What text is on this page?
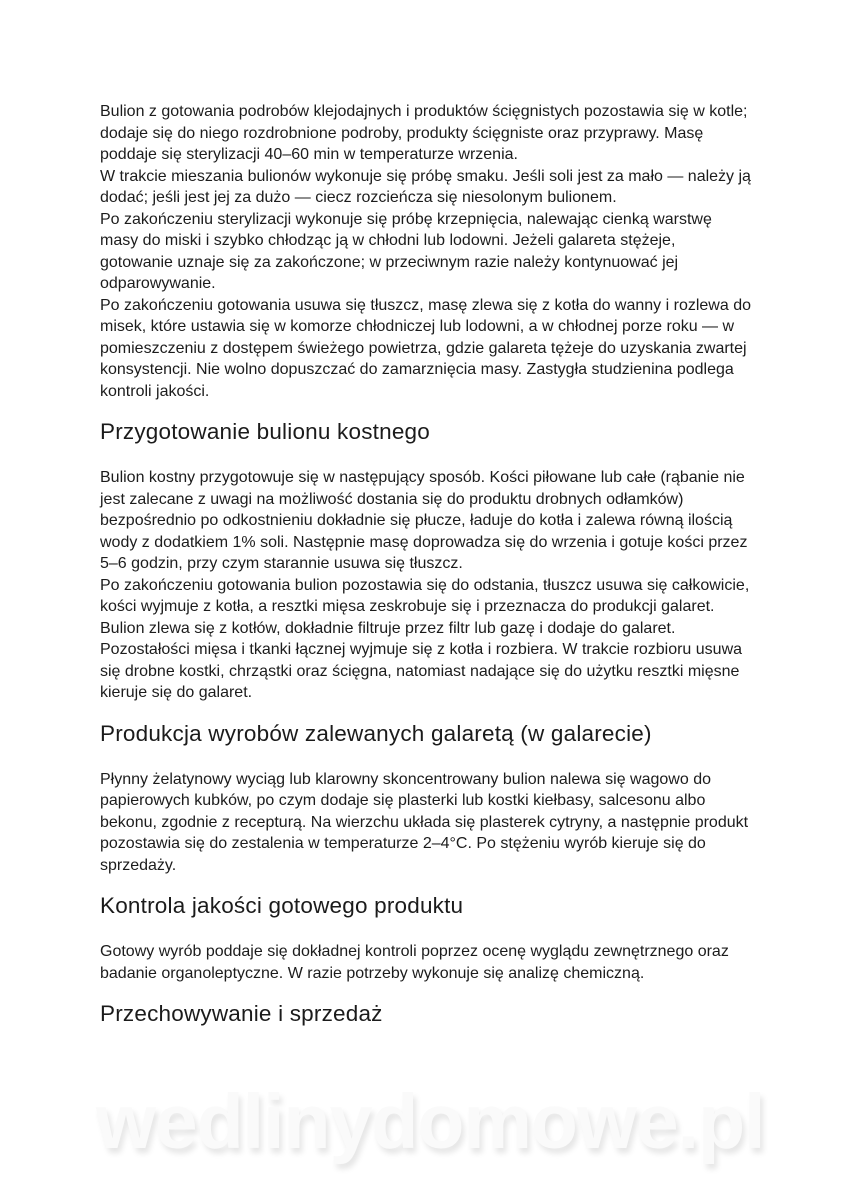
Bulion z gotowania podrobów klejodajnych i produktów ścięgnistych pozostawia się w kotle; dodaje się do niego rozdrobnione podroby, produkty ścięgniste oraz przyprawy. Masę poddaje się sterylizacji 40–60 min w temperaturze wrzenia.

W trakcie mieszania bulionów wykonuje się próbę smaku. Jeśli soli jest za mało — należy ją dodać; jeśli jest jej za dużo — ciecz rozcieńcza się niesolonym bulionem.

Po zakończeniu sterylizacji wykonuje się próbę krzepnięcia, nalewając cienką warstwę masy do miski i szybko chłodząc ją w chłodni lub lodowni. Jeżeli galareta stężeje, gotowanie uznaje się za zakończone; w przeciwnym razie należy kontynuować jej odparowywanie.

Po zakończeniu gotowania usuwa się tłuszcz, masę zlewa się z kotła do wanny i rozlewa do misek, które ustawia się w komorze chłodniczej lub lodowni, a w chłodnej porze roku — w pomieszczeniu z dostępem świeżego powietrza, gdzie galareta tężeje do uzyskania zwartej konsystencji. Nie wolno dopuszczać do zamarznięcia masy. Zastygła studzienina podlega kontroli jakości.

Przygotowanie bulionu kostnego

Bulion kostny przygotowuje się w następujący sposób. Kości piłowane lub całe (rąbanie nie jest zalecane z uwagi na możliwość dostania się do produktu drobnych odłamków) bezpośrednio po odkostnieniu dokładnie się płucze, ładuje do kotła i zalewa równą ilością wody z dodatkiem 1% soli. Następnie masę doprowadza się do wrzenia i gotuje kości przez 5–6 godzin, przy czym starannie usuwa się tłuszcz.

Po zakończeniu gotowania bulion pozostawia się do odstania, tłuszcz usuwa się całkowicie, kości wyjmuje z kotła, a resztki mięsa zeskrobuje się i przeznacza do produkcji galaret.

Bulion zlewa się z kotłów, dokładnie filtruje przez filtr lub gazę i dodaje do galaret.

Pozostałości mięsa i tkanki łącznej wyjmuje się z kotła i rozbiera. W trakcie rozbioru usuwa się drobne kostki, chrząstki oraz ścięgna, natomiast nadające się do użytku resztki mięsne kieruje się do galaret.

Produkcja wyrobów zalewanych galaretą (w galarecie)

Płynny żelatynowy wyciąg lub klarowny skoncentrowany bulion nalewa się wagowo do papierowych kubków, po czym dodaje się plasterki lub kostki kiełbasy, salcesonu albo bekonu, zgodnie z recepturą. Na wierzchu układa się plasterek cytryny, a następnie produkt pozostawia się do zestalenia w temperaturze 2–4°C. Po stężeniu wyrób kieruje się do sprzedaży.

Kontrola jakości gotowego produktu

Gotowy wyrób poddaje się dokładnej kontroli poprzez ocenę wyglądu zewnętrznego oraz badanie organoleptyczne. W razie potrzeby wykonuje się analizę chemiczną.

Przechowywanie i sprzedaż
wedlinydomowe.pl
